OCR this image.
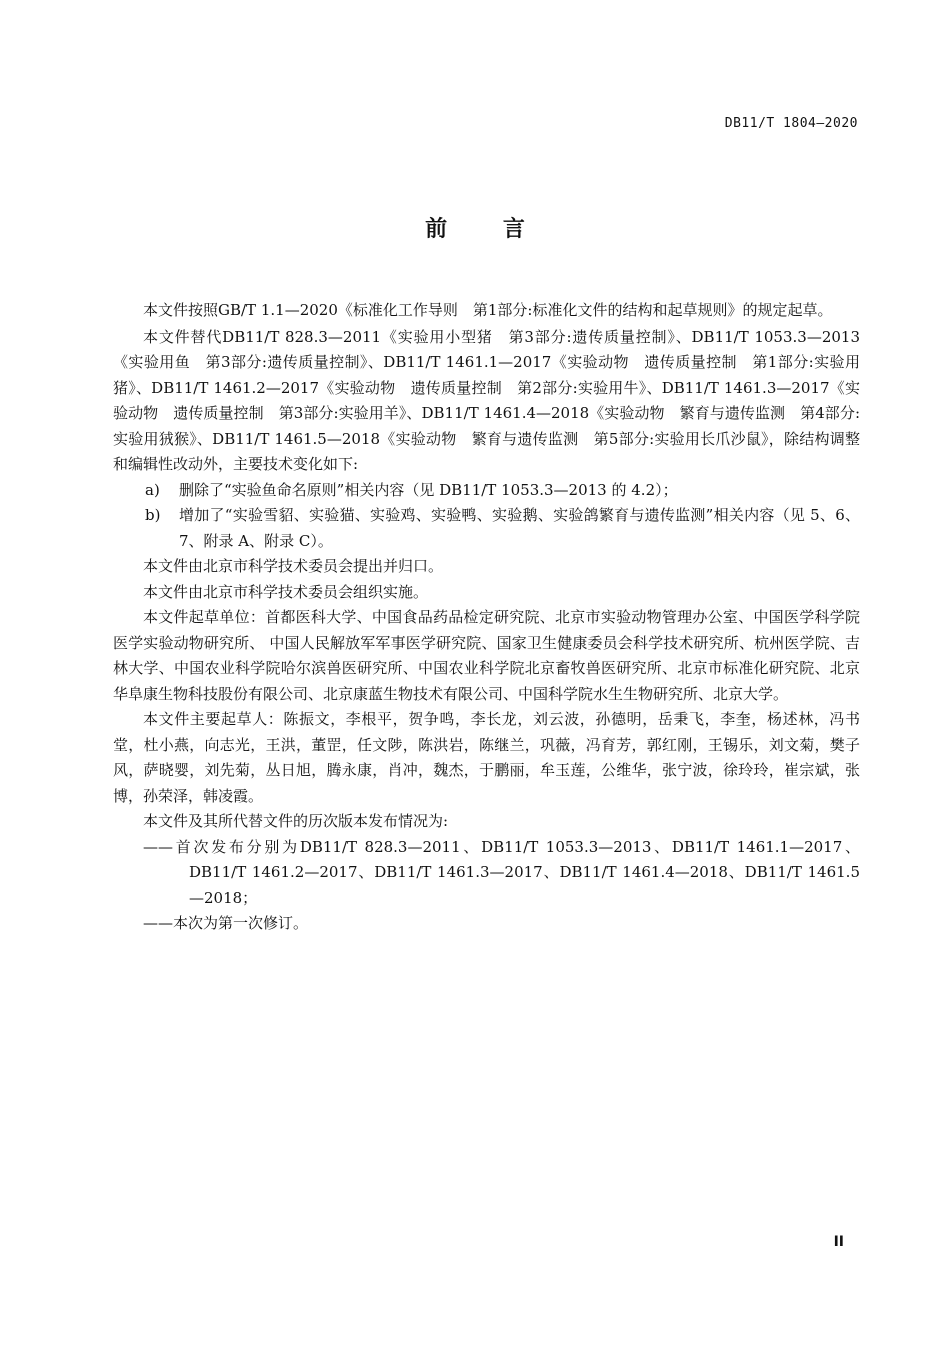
DB11/T 1804—2020
前 言

本文件按照GB/T 1.1—2020《标准化工作导则　第1部分:标准化文件的结构和起草规则》的规定起草。

本文件替代DB11/T 828.3—2011《实验用小型猪　第3部分:遗传质量控制》、DB11/T 1053.3—2013《实验用鱼　第3部分:遗传质量控制》、DB11/T 1461.1—2017《实验动物　遗传质量控制　第1部分:实验用猪》、DB11/T 1461.2—2017《实验动物　遗传质量控制　第2部分:实验用牛》、DB11/T 1461.3—2017《实验动物　遗传质量控制　第3部分:实验用羊》、DB11/T 1461.4—2018《实验动物　繁育与遗传监测　第4部分:实验用狨猴》、DB11/T 1461.5—2018《实验动物　繁育与遗传监测　第5部分:实验用长爪沙鼠》，除结构调整和编辑性改动外，主要技术变化如下:

a) 删除了“实验鱼命名原则”相关内容（见 DB11/T 1053.3—2013 的 4.2）；
b) 增加了“实验雪貂、实验猫、实验鸡、实验鸭、实验鹅、实验鸽繁育与遗传监测”相关内容（见 5、6、7、附录 A、附录 C）。

本文件由北京市科学技术委员会提出并归口。

本文件由北京市科学技术委员会组织实施。

本文件起草单位：首都医科大学、中国食品药品检定研究院、北京市实验动物管理办公室、中国医学科学院医学实验动物研究所、 中国人民解放军军事医学研究院、国家卫生健康委员会科学技术研究所、杭州医学院、吉林大学、中国农业科学院哈尔滨兽医研究所、中国农业科学院北京畜牧兽医研究所、北京市标准化研究院、北京华阜康生物科技股份有限公司、北京康蓝生物技术有限公司、中国科学院水生生物研究所、北京大学。

本文件主要起草人：陈振文，李根平，贺争鸣，李长龙，刘云波，孙德明，岳秉飞，李奎，杨述林，冯书堂，杜小燕，向志光，王洪，董罡，任文陟，陈洪岩，陈继兰，巩薇，冯育芳，郭红刚，王锡乐，刘文菊，樊子风，萨晓婴，刘先菊，丛日旭，腾永康，肖冲，魏杰，于鹏丽，牟玉莲，公维华，张宁波，徐玲玲，崔宗斌，张博，孙荣泽，韩凌霞。

本文件及其所代替文件的历次版本发布情况为:

——首次发布分别为DB11/T 828.3—2011、DB11/T 1053.3—2013、DB11/T 1461.1—2017、DB11/T 1461.2—2017、DB11/T 1461.3—2017、DB11/T 1461.4—2018、DB11/T 1461.5—2018；

——本次为第一次修订。

II
